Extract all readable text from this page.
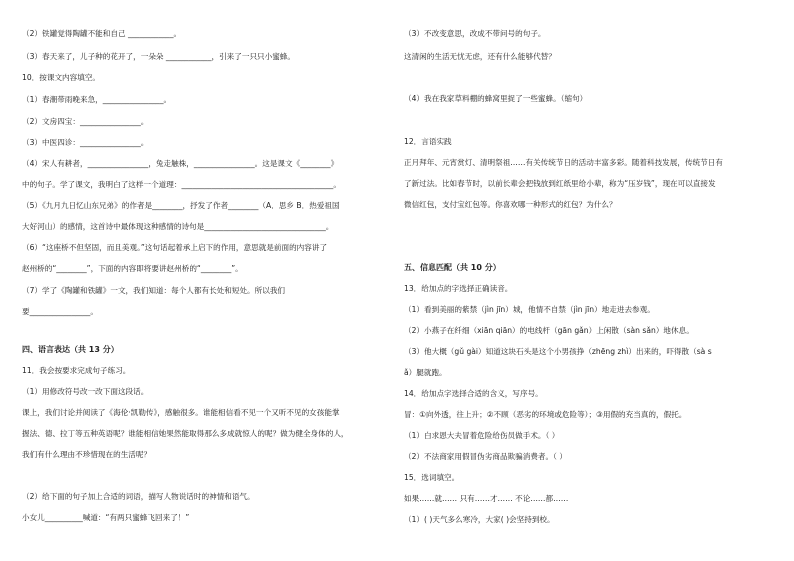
（2）铁罐觉得陶罐不能和自己 ____________。
（3）春天来了，儿子种的花开了，一朵朵 ____________，引来了一只只小蜜蜂。
10．按课文内容填空。
（1）春潮带雨晚来急，________________。
（2）文房四宝：________________。
（3）中医四诊：________________。
（4）宋人有耕者，________________，兔走触株，________________。这是课文《________》
中的句子。学了课文，我明白了这样一个道理：________________________________________。
（5）《九月九日忆山东兄弟》的作者是________，抒发了作者________（A．思乡 B．热爱祖国
大好河山）的感情，这首诗中最体现这种感情的诗句是________________________________。
（6）“这座桥不但坚固，而且美观。”这句话起着承上启下的作用，意思就是前面的内容讲了
赵州桥的“________”，下面的内容即将要讲赵州桥的“________”。
（7）学了《陶罐和铁罐》一文，我们知道：每个人都有长处和短处。所以我们
要________________。
四、语言表达（共 13 分）
11．我会按要求完成句子练习。
（1）用修改符号改一改下面这段话。
课上，我们讨论并阅读了《海伦·凯勒传》，感触很多。谁能相信看不见一个又听不见的女孩能掌
握法、德、拉丁等五种英语呢？谁能相信她果然能取得那么多成就惊人的呢？做为健全身体的人，
我们有什么理由不珍惜现在的生活呢？
（2）给下面的句子加上合适的词语，描写人物说话时的神情和语气。
小女儿__________喊道：“有两只蜜蜂飞回来了！”
（3）不改变意思，改成不带问号的句子。
这清闲的生活无忧无虑，还有什么能够代替？
（4）我在我家草料棚的蜂窝里捉了一些蜜蜂。（缩句）
12．言语实践
正月拜年、元宵赏灯、清明祭祖……有关传统节日的活动丰富多彩。随着科技发展，传统节日有
了新过法。比如春节时，以前长辈会把钱放到红纸里给小辈，称为“压岁钱”，现在可以直接发
微信红包，支付宝红包等。你喜欢哪一种形式的红包？为什么？
五、信息匹配（共 10 分）
13．给加点的字选择正确读音。
（1）看到美丽的紫禁（jìn jīn）城，他情不自禁（jìn jīn）地走进去参观。
（2）小燕子在纤细（xiān qiān）的电线杆（gān gǎn）上闲散（sàn sǎn）地休息。
（3）他大概（gǔ gài）知道这块石头是这个小男孩挣（zhēng zhì）出来的，吓得散（sà s
ǎ）腿就跑。
14．给加点字选择合适的含义，写序号。
冒：①向外透，往上升；②不顾（恶劣的环境或危险等）；③用假的充当真的，假托。
（1）白求恩大夫冒着危险给伤员做手术。（ ）
（2）不法商家用假冒伪劣商品欺骗消费者。（ ）
15．选词填空。
如果……就…… 只有……才…… 不论……都……
（1）( )天气多么寒冷，大家( )会坚持到校。
